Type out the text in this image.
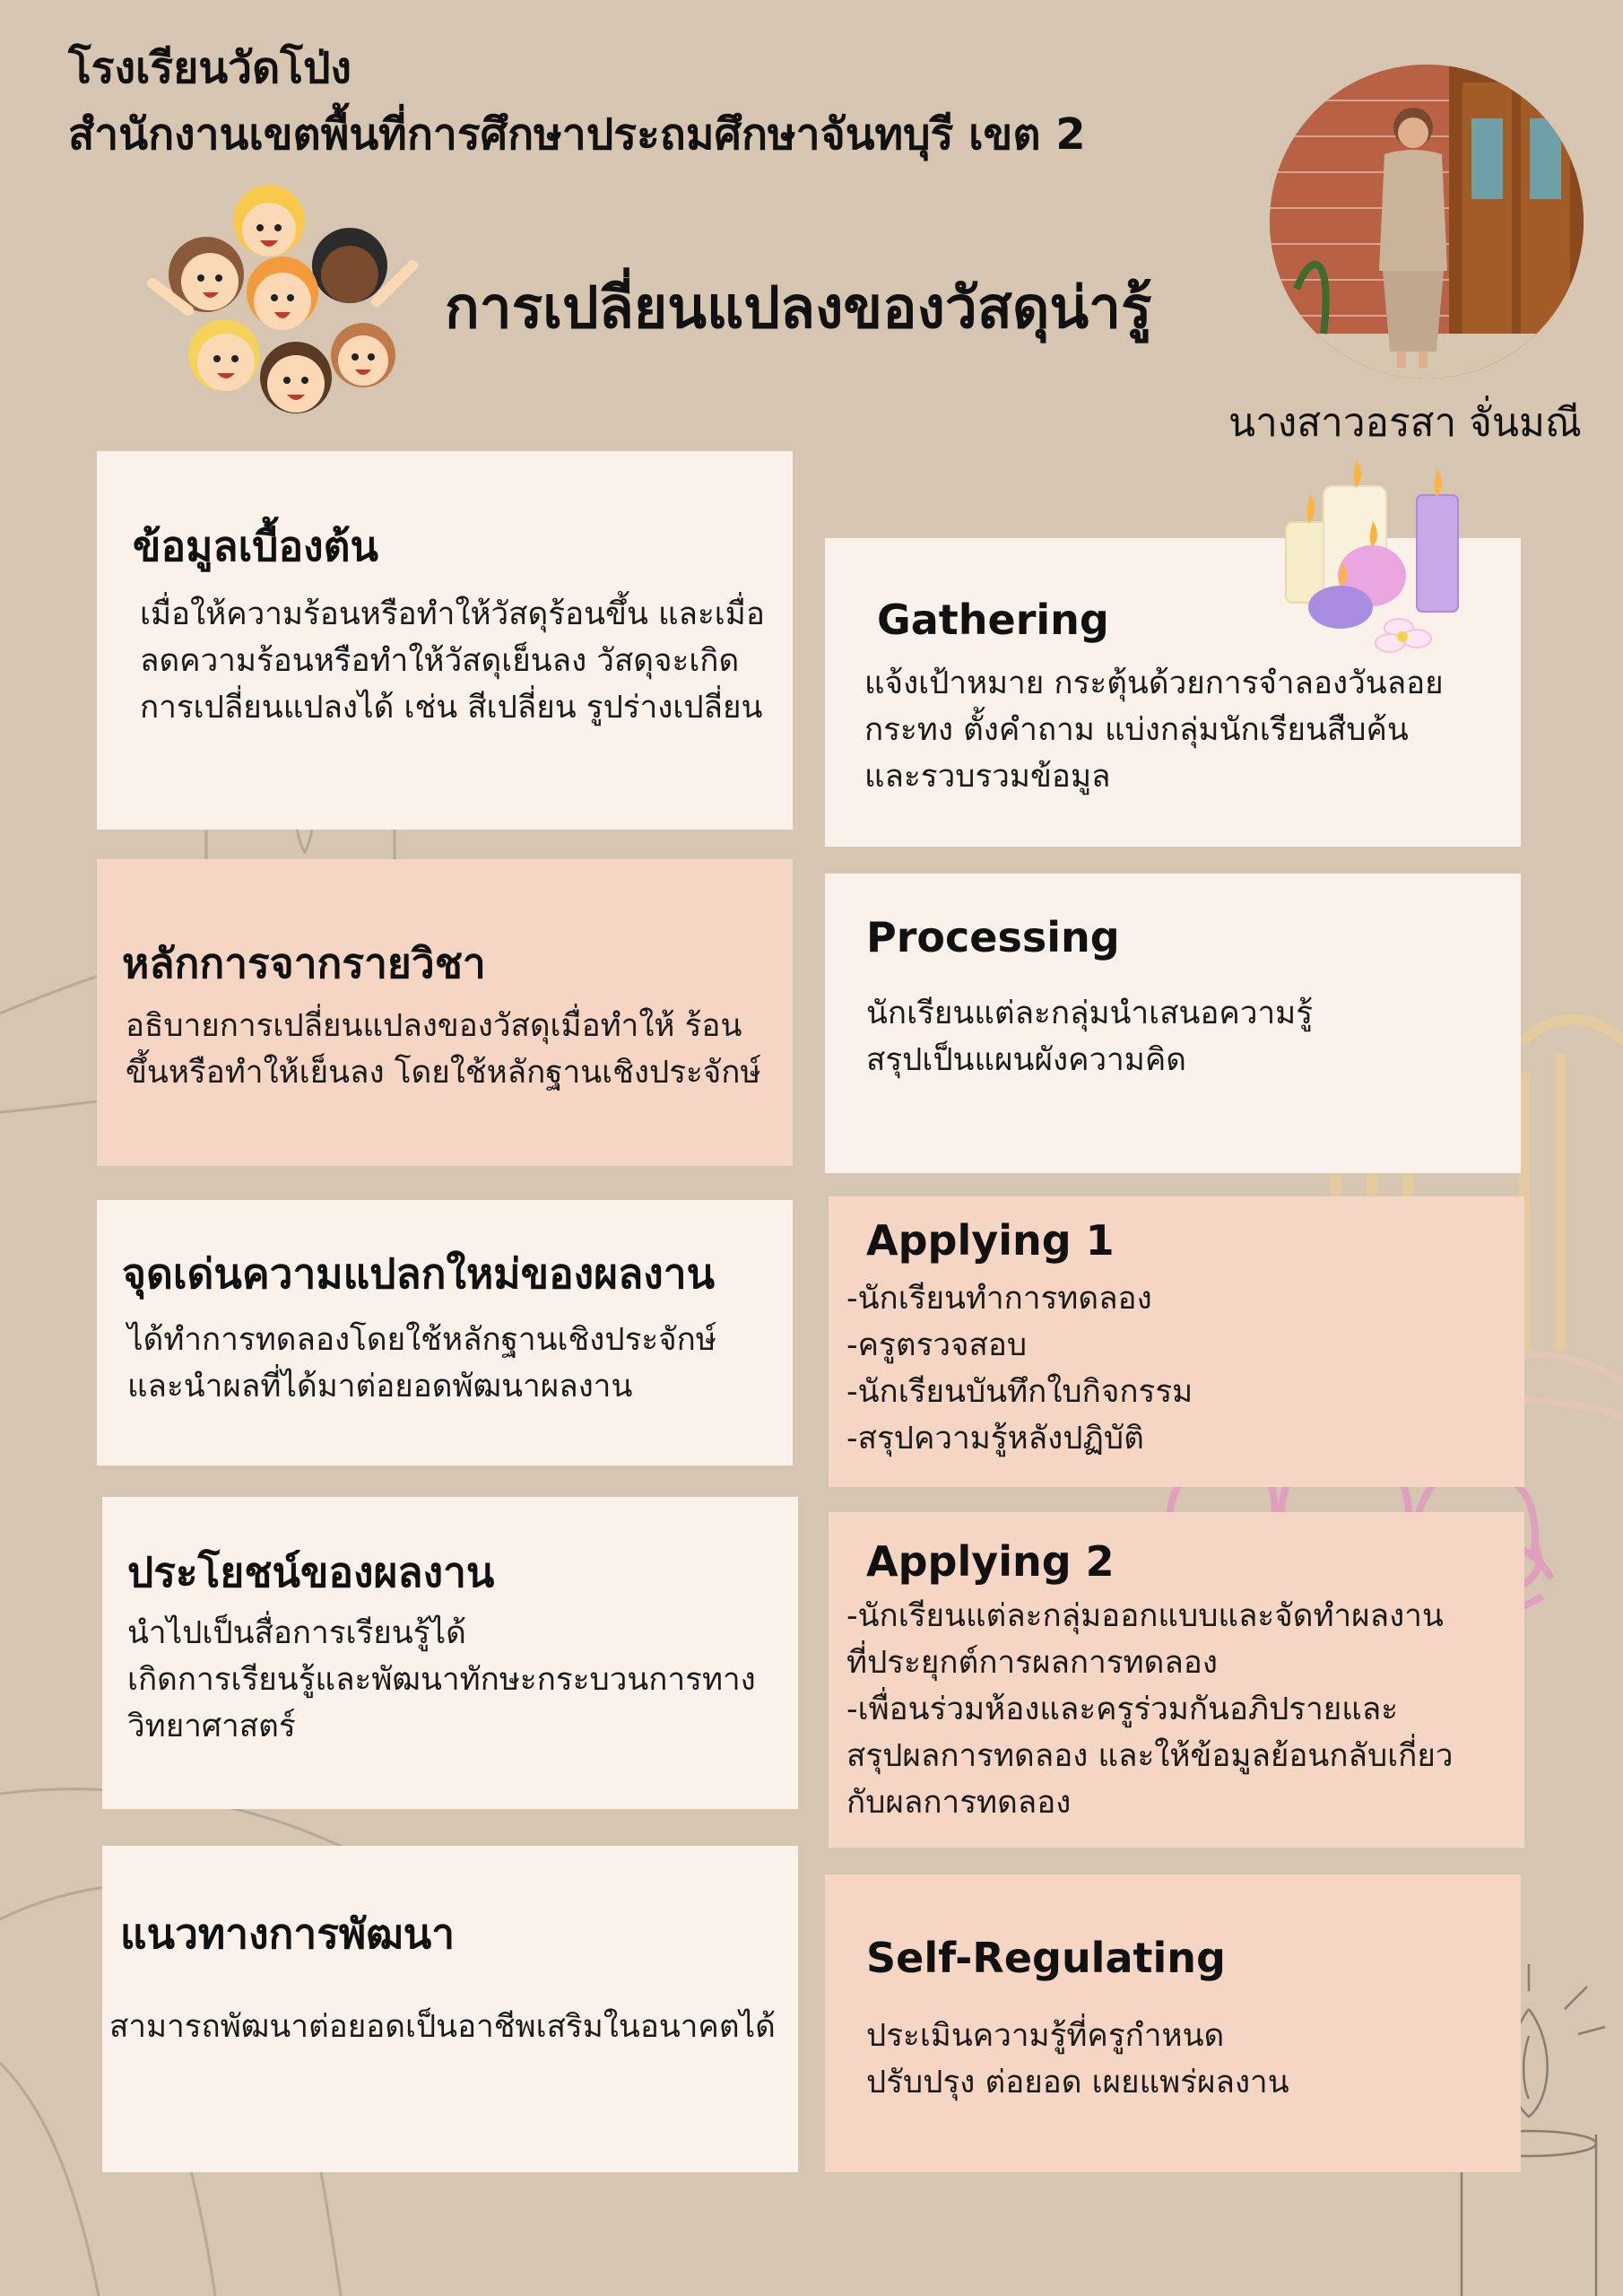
โรงเรียนวัดโป่ง
สำนักงานเขตพื้นที่การศึกษาประถมศึกษาจันทบุรี เขต 2
การเปลี่ยนแปลงของวัสดุน่ารู้
นางสาวอรสา จั่นมณี
ข้อมูลเบื้องต้น

เมื่อให้ความร้อนหรือทำให้วัสดุร้อนขึ้น และเมื่อ
ลดความร้อนหรือทำให้วัสดุเย็นลง วัสดุจะเกิด
การเปลี่ยนแปลงได้ เช่น สีเปลี่ยน รูปร่างเปลี่ยน

หลักการจากรายวิชา

อธิบายการเปลี่ยนแปลงของวัสดุเมื่อทำให้ ร้อน
ขึ้นหรือทำให้เย็นลง โดยใช้หลักฐานเชิงประจักษ์

จุดเด่นความแปลกใหม่ของผลงาน

ได้ทำการทดลองโดยใช้หลักฐานเชิงประจักษ์
และนำผลที่ได้มาต่อยอดพัฒนาผลงาน

ประโยชน์ของผลงาน

นำไปเป็นสื่อการเรียนรู้ได้
เกิดการเรียนรู้และพัฒนาทักษะกระบวนการทาง
วิทยาศาสตร์

แนวทางการพัฒนา

สามารถพัฒนาต่อยอดเป็นอาชีพเสริมในอนาคตได้

Gathering

แจ้งเป้าหมาย กระตุ้นด้วยการจำลองวันลอย
กระทง ตั้งคำถาม แบ่งกลุ่มนักเรียนสืบค้น
และรวบรวมข้อมูล

Processing

นักเรียนแต่ละกลุ่มนำเสนอความรู้
สรุปเป็นแผนผังความคิด

Applying 1

-นักเรียนทำการทดลอง
-ครูตรวจสอบ
-นักเรียนบันทึกใบกิจกรรม
-สรุปความรู้หลังปฏิบัติ

Applying 2

-นักเรียนแต่ละกลุ่มออกแบบและจัดทำผลงาน
ที่ประยุกต์การผลการทดลอง
-เพื่อนร่วมห้องและครูร่วมกันอภิปรายและ
สรุปผลการทดลอง และให้ข้อมูลย้อนกลับเกี่ยว
กับผลการทดลอง

Self-Regulating

ประเมินความรู้ที่ครูกำหนด
ปรับปรุง ต่อยอด เผยแพร่ผลงาน
